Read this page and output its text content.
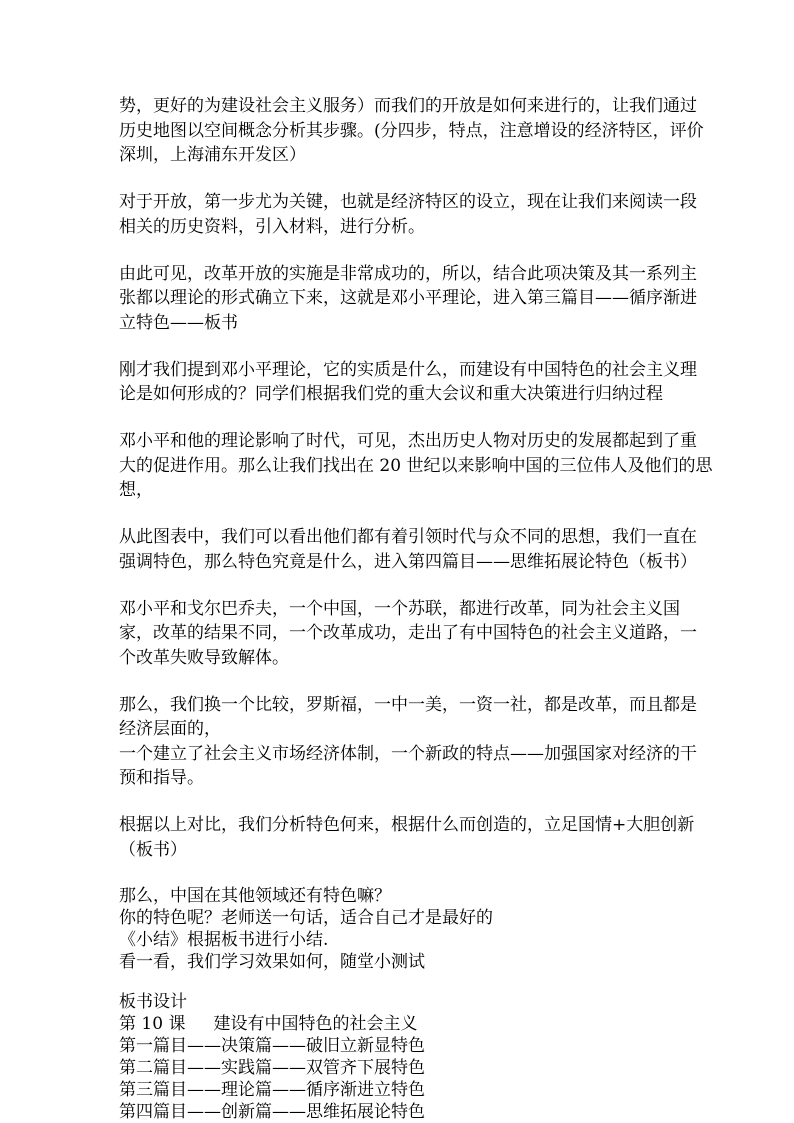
势，更好的为建设社会主义服务）而我们的开放是如何来进行的，让我们通过
历史地图以空间概念分析其步骤。(分四步，特点，注意增设的经济特区，评价
深圳，上海浦东开发区）
对于开放，第一步尤为关键，也就是经济特区的设立，现在让我们来阅读一段
相关的历史资料，引入材料，进行分析。
由此可见，改革开放的实施是非常成功的，所以，结合此项决策及其一系列主
张都以理论的形式确立下来，这就是邓小平理论，进入第三篇目——循序渐进
立特色——板书
刚才我们提到邓小平理论，它的实质是什么，而建设有中国特色的社会主义理
论是如何形成的？同学们根据我们党的重大会议和重大决策进行归纳过程
邓小平和他的理论影响了时代，可见，杰出历史人物对历史的发展都起到了重
大的促进作用。那么让我们找出在 20 世纪以来影响中国的三位伟人及他们的思
想，
从此图表中，我们可以看出他们都有着引领时代与众不同的思想，我们一直在
强调特色，那么特色究竟是什么，进入第四篇目——思维拓展论特色（板书）
邓小平和戈尔巴乔夫，一个中国，一个苏联，都进行改革，同为社会主义国
家，改革的结果不同，一个改革成功，走出了有中国特色的社会主义道路，一
个改革失败导致解体。
那么，我们换一个比较，罗斯福，一中一美，一资一社，都是改革，而且都是
经济层面的，
一个建立了社会主义市场经济体制，一个新政的特点——加强国家对经济的干
预和指导。
根据以上对比，我们分析特色何来，根据什么而创造的，立足国情+大胆创新
（板书）
那么，中国在其他领域还有特色嘛？
你的特色呢？老师送一句话，适合自己才是最好的
《小结》根据板书进行小结.
看一看，我们学习效果如何，随堂小测试
板书设计
第 10 课 建设有中国特色的社会主义
第一篇目——决策篇——破旧立新显特色
第二篇目——实践篇——双管齐下展特色
第三篇目——理论篇——循序渐进立特色
第四篇目——创新篇——思维拓展论特色
